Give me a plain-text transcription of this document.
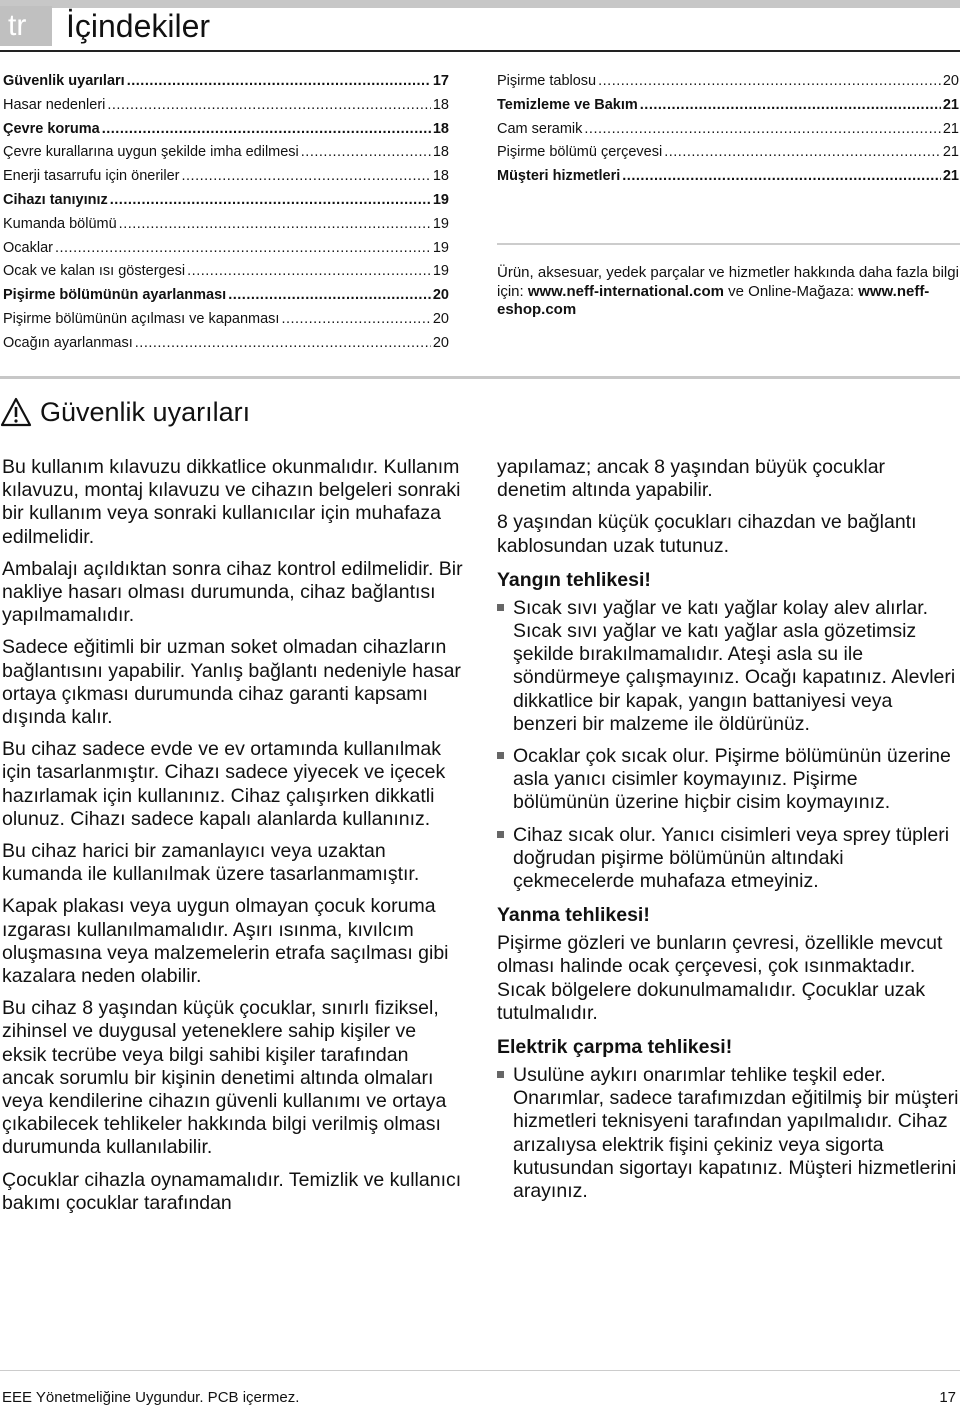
tr	İçindekiler
Güvenlik uyarıları .....	17
Hasar nedenleri .....	18
Çevre koruma .....	18
Çevre kurallarına uygun şekilde imha edilmesi .....	18
Enerji tasarrufu için öneriler .....	18
Cihazı tanıyınız .....	19
Kumanda bölümü .....	19
Ocaklar .....	19
Ocak ve kalan ısı göstergesi .....	19
Pişirme bölümünün ayarlanması .....	20
Pişirme bölümünün açılması ve kapanması .....	20
Ocağın ayarlanması .....	20
Pişirme tablosu .....	20
Temizleme ve Bakım .....	21
Cam seramik .....	21
Pişirme bölümü çerçevesi .....	21
Müşteri hizmetleri .....	21
Ürün, aksesuar, yedek parçalar ve hizmetler hakkında daha fazla bilgi için: www.neff-international.com ve Online-Mağaza: www.neff-eshop.com
Güvenlik uyarıları

Bu kullanım kılavuzu dikkatlice okunmalıdır. Kullanım kılavuzu, montaj kılavuzu ve cihazın belgeleri sonraki bir kullanım veya sonraki kullanıcılar için muhafaza edilmelidir.

Ambalajı açıldıktan sonra cihaz kontrol edilmelidir. Bir nakliye hasarı olması durumunda, cihaz bağlantısı yapılmamalıdır.

Sadece eğitimli bir uzman soket olmadan cihazların bağlantısını yapabilir. Yanlış bağlantı nedeniyle hasar ortaya çıkması durumunda cihaz garanti kapsamı dışında kalır.

Bu cihaz sadece evde ve ev ortamında kullanılmak için tasarlanmıştır. Cihazı sadece yiyecek ve içecek hazırlamak için kullanınız. Cihaz çalışırken dikkatli olunuz. Cihazı sadece kapalı alanlarda kullanınız.

Bu cihaz harici bir zamanlayıcı veya uzaktan kumanda ile kullanılmak üzere tasarlanmamıştır.

Kapak plakası veya uygun olmayan çocuk koruma ızgarası kullanılmamalıdır. Aşırı ısınma, kıvılcım oluşmasına veya malzemelerin etrafa saçılması gibi kazalara neden olabilir.

Bu cihaz 8 yaşından küçük çocuklar, sınırlı fiziksel, zihinsel ve duygusal yeteneklere sahip kişiler ve eksik tecrübe veya bilgi sahibi kişiler tarafından ancak sorumlu bir kişinin denetimi altında olmaları veya kendilerine cihazın güvenli kullanımı ve ortaya çıkabilecek tehlikeler hakkında bilgi verilmiş olması durumunda kullanılabilir.

Çocuklar cihazla oynamamalıdır. Temizlik ve kullanıcı bakımı çocuklar tarafından

yapılamaz; ancak 8 yaşından büyük çocuklar denetim altında yapabilir.

8 yaşından küçük çocukları cihazdan ve bağlantı kablosundan uzak tutunuz.

Yangın tehlikesi!
Sıcak sıvı yağlar ve katı yağlar kolay alev alırlar. Sıcak sıvı yağlar ve katı yağlar asla gözetimsiz şekilde bırakılmamalıdır. Ateşi asla su ile söndürmeye çalışmayınız. Ocağı kapatınız. Alevleri dikkatlice bir kapak, yangın battaniyesi veya benzeri bir malzeme ile öldürünüz.
Ocaklar çok sıcak olur. Pişirme bölümünün üzerine asla yanıcı cisimler koymayınız. Pişirme bölümünün üzerine hiçbir cisim koymayınız.
Cihaz sıcak olur. Yanıcı cisimleri veya sprey tüpleri doğrudan pişirme bölümünün altındaki çekmecelerde muhafaza etmeyiniz.
Yanma tehlikesi!

Pişirme gözleri ve bunların çevresi, özellikle mevcut olması halinde ocak çerçevesi, çok ısınmaktadır. Sıcak bölgelere dokunulmamalıdır. Çocuklar uzak tutulmalıdır.

Elektrik çarpma tehlikesi!
Usulüne aykırı onarımlar tehlike teşkil eder. Onarımlar, sadece tarafımızdan eğitilmiş bir müşteri hizmetleri teknisyeni tarafından yapılmalıdır. Cihaz arızalıysa elektrik fişini çekiniz veya sigorta kutusundan sigortayı kapatınız. Müşteri hizmetlerini arayınız.
EEE Yönetmeliğine Uygundur. PCB içermez.	17
